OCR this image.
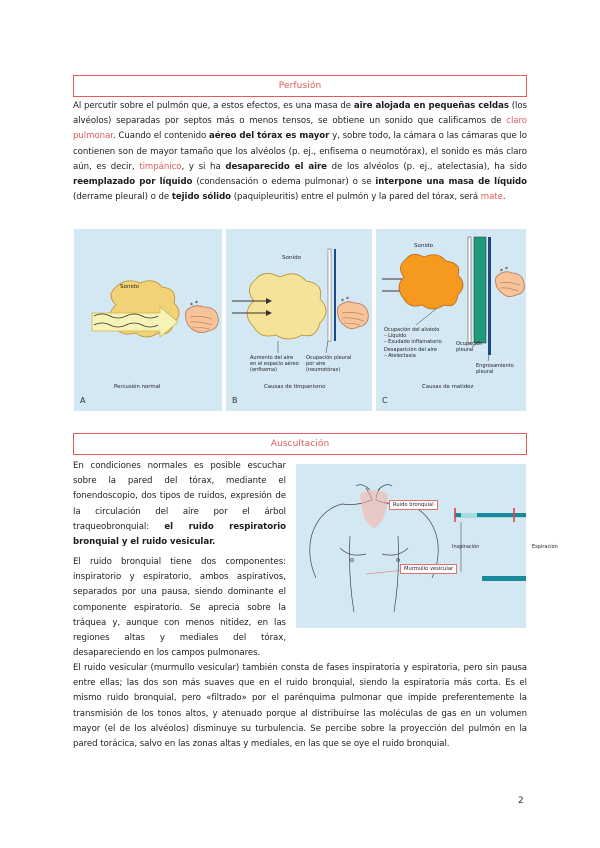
Perfusión
Al percutir sobre el pulmón que, a estos efectos, es una masa de aire alojada en pequeñas celdas (los alvéolos) separadas por septos más o menos tensos, se obtiene un sonido que calificamos de claro pulmonar. Cuando el contenido aéreo del tórax es mayor y, sobre todo, la cámara o las cámaras que lo contienen son de mayor tamaño que los alvéolos (p. ej., enfisema o neumotórax), el sonido es más claro aún, es decir, timpánico, y si ha desaparecido el aire de los alvéolos (p. ej., atelectasia), ha sido reemplazado por líquido (condensación o edema pulmonar) o se interpone una masa de líquido (derrame pleural) o de tejido sólido (paquipleuritis) entre el pulmón y la pared del tórax, será mate.
* *
Sonido
Percusión normal
A
* *
Sonido
Aumento del aire
en el espacio aéreo
(enfisema)
Ocupación pleural
por aire
(neumotórax)
Causas de timpanismo
B
* *
Sonido
Ocupación del alvéolo
– Líquido
– Exudado inflamatorio
Desaparición del aire
– Atelectasia
Ocupación
pleural
Engrosamiento
pleural
Causas de matidez
C
Auscultación
En condiciones normales es posible escuchar sobre la pared del tórax, mediante el fonendoscopio, dos tipos de ruidos, expresión de la circulación del aire por el árbol traqueobronquial: el ruido respiratorio bronquial y el ruido vesicular.
El ruido bronquial tiene dos componentes: inspiratorio y espiratorio, ambos aspirativos, separados por una pausa, siendo dominante el componente espiratorio. Se aprecia sobre la tráquea y, aunque con menos nitidez, en las regiones altas y mediales del tórax, desapareciendo en los campos pulmonares.
Ruido bronquial
Murmullo vesicular
Inspiración	Espiración
El ruido vesicular (murmullo vesicular) también consta de fases inspiratoria y espiratoria, pero sin pausa entre ellas; las dos son más suaves que en el ruido bronquial, siendo la espiratoria más corta. Es el mismo ruido bronquial, pero «filtrado» por el parénquima pulmonar que impide preferentemente la transmisión de los tonos altos, y atenuado porque al distribuirse las moléculas de gas en un volumen mayor (el de los alvéolos) disminuye su turbulencia. Se percibe sobre la proyección del pulmón en la pared torácica, salvo en las zonas altas y mediales, en las que se oye el ruido bronquial.
2
